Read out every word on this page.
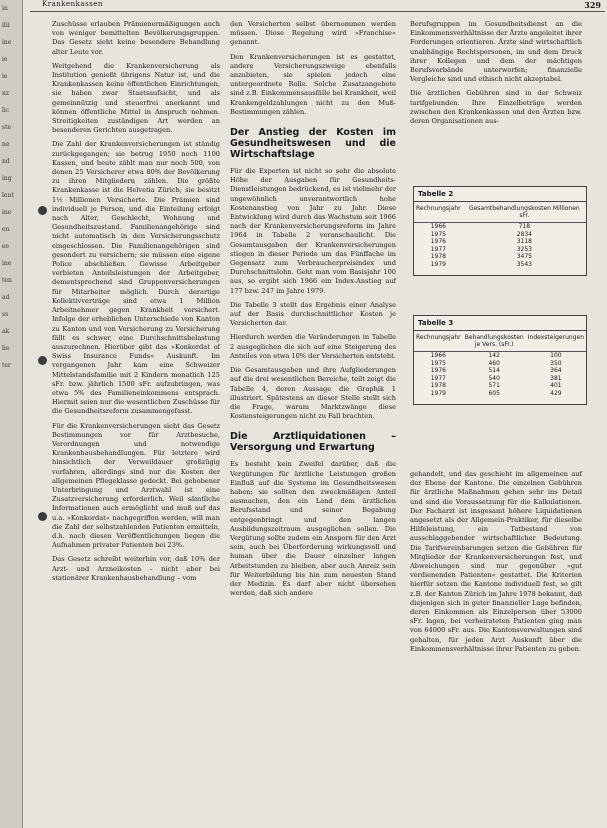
in
ilii
ine
ie
ie
nz
lic
ste
ne
nd
ing
lent
ine
en
ee
ine
ten
ad
ss
ak
lie
ter
Krankenkassen	329

Zuschüsse erlauben Prämienermäßigungen auch von weniger bemittelten Bevölkerungsgruppen. Das Gesetz sieht keine besondere Behandlung alter Leute vor.

Weitgehend die Krankenversicherung als Institution genießt übrigens Natur ist, und die Krankenkassen keine öffentlichen Einrichtungen, sie haben zwar Staatsaufsicht, und als gemeinnützig und steuerfrei anerkannt und können öffentliche Mittel in Anspruch nehmen. Streitigkeiten zuständigen Art werden an besonderen Gerichten ausgetragen.

Die Zahl der Krankenversicherungen ist ständig zurückgegangen; sie betrug 1950 noch 1100 Kassen, und heute zählt man nur noch 500, von denen 25 Versicherer etwa 80% der Bevölkerung zu ihren Mitgliedern zählen. Die größte Krankenkasse ist die Helvetia Zürich; sie besitzt 1½ Millionen Versicherte. Die Prämien sind individuell je Person, und die Einteilung erfolgt nach Alter, Geschlecht, Wohnung und Gesundheitszustand. Familienangehörige sind nicht automatisch in den Versicherungsschutz eingeschlossen. Die Familienangehörigen sind gesondert zu versichern; sie müssen eine eigene Police abschließen. Gewisse Arbeitgeber verbieten Anteilsleistungen der Arbeitgeber, dementsprechend sind Gruppenversicherungen für Mitarbeiter möglich. Durch derartige Kollektivverträge sind etwa 1 Million Arbeitnehmer gegen Krankheit versichert. Infolge der erheblichen Unterschiede von Kanton zu Kanton und von Versicherung zu Versicherung fällt es schwer, eine Durchschnittsbelastung auszurechnen. Hierüber gibt das »Konkordat of Swiss Insurance Funds« Auskunft. Im vergangenen Jahr kam eine Schweizer Mittelstandsfamilie mit 2 Kindern monatlich 125 sFr. bzw. jährlich 1500 sFr. aufzubringen, was etwa 5% des Familieneinkommens entsprach. Hiermit seien nur die wesentlichen Zuschüsse für die Gesundheitsreform zusammengefasst.

Für die Krankenversicherungen sieht das Gesetz Bestimmungen vor für Arztbesuche, Verordnungen und notwendige Krankenhausbehandlungen. Für letztere wird hinsichtlich der Verweildauer großzügig verfahren, allerdings sind nur die Kosten der allgemeinen Pflegeklasse gedeckt. Bei gehobener Unterbringung und Arztwahl ist eine Zusatzversicherung erforderlich. Weil sämtliche Informationen auch ermöglicht und muß auf das u.a. »Konkordat« nachgegriffen werden, will man die Zahl der selbstzahlenden Patienten ermitteln, d.h. nach diesen Veröffentlichungen liegen die Aufnahmen privater Patienten bei 23%.

Das Gesetz schreibt weiterhin vor, daß 10% der Arzt- und Arzneikosten – nicht aber bei stationärer Krankenhausbehandlung – vom

den Versicherten selbst übernommen werden müssen. Diese Regelung wird »Franchise« genannt.

Den Krankenversicherungen ist es gestattet, andere Versicherungszweige ebenfalls anzubieten, sie spielen jedoch eine untergeordnete Rolle. Solche Zusatzangebote sind z.B. Einkommensausfälle bei Krankheit, weil Krankengeldzahlungen nicht zu den Muß-Bestimmungen zählen.

Der Anstieg der Kosten im Gesundheitswesen und die Wirtschaftslage

Für die Experten ist nicht so sehr die absolute Höhe der Ausgaben für Gesundheits-Dienstleistungen bedrückend, es ist vielmehr der ungewöhnlich unverantwortlich hohe Kostenanstieg von Jahr zu Jahr. Diese Entwicklung wird durch das Wachstum seit 1966 nach der Krankenversicherungsreform im Jahre 1964 in Tabelle 2 veranschaulicht. Die Gesamtausgaben der Krankenversicherungen stiegen in dieser Periode um das Fünffache im Gegensatz zum Verbraucherpreisindex und Durchschnittslohn. Geht man vom Basisjahr 100 aus, so ergibt sich 1966 ein Index-Anstieg auf 177 bzw. 247 im Jahre 1979.

Die Tabelle 3 stellt das Ergebnis einer Analyse auf der Basis durchschnittlicher Kosten je Versicherten dar.

Hierdurch werden die Veränderungen in Tabelle 2 ausgeglichen die sich auf eine Steigerung des Anteiles von etwa 10% der Versicherten entsteht.

Die Gesamtausgaben und ihre Aufgliederungen auf die drei wesentlichen Bereiche, teilt zeigt die Tabelle 4, deren Aussage die Graphik 1 illustriert. Spätestens an dieser Stelle stellt sich die Frage, warum Marktzwänge diese Kostensteigerungen nicht zu Fall brachten.

Die Arztliquidationen – Versorgung und Erwartung

Es besteht kein Zweifel darüber, daß die Vergütungen für ärztliche Leistungen großen Einfluß auf die Systeme im Gesundheitswesen haben; sie sollten den zweckmäßigen Anteil ausmachen, den ein Land dem ärztlichen Berufsstand und seiner Begabung entgegenbringt und den langen Ausbildungszeitraum ausgeglichen sollen. Die Vergütung sollte zudem ein Ansporn für den Arzt sein, auch bei Überforderung wirkungsvoll und human über die Dauer einzelner langen Arbeitstunden zu bleiben, aber auch Anreiz sein für Weiterbildung bis hin zum neuesten Stand der Medizin. Es darf aber nicht übersehen werden, daß sich andere

Berufsgruppen im Gesundheitsdienst an die Einkommensverhältnisse der Ärzte angeleitet ihrer Forderungen orientieren. Ärzte sind wirtschaftlich unabhängige Rechtspersonen, im und dem Druck ihrer Kollegen und dem der mächtigen Berufsverbände unterworfen; finanzielle Vergleiche sind und ethisch nicht akzeptabel.

Die ärztlichen Gebühren sind in der Schweiz tarifgebunden. Ihre Einzelbeträge werden zwischen den Krankenkassen und den Ärzten bzw. deren Organisationen aus-

Tabelle 2
Rechnungsjahr	Gesamtbehandlungskosten Millionen sFr.
1966	718
1975	2834
1976	3118
1977	3253
1978	3475
1979	3543
Tabelle 3
Rechnungsjahr	Behandlungskosten je Vers. (sFr.)	Indexsteigerungen
1966	142	100
1975	460	350
1976	514	364
1977	540	381
1978	571	401
1979	605	429

gehandelt, und das geschieht im allgemeinen auf der Ebene der Kantone. Die einzelnen Gebühren für ärztliche Maßnahmen gehen sehr ins Detail und sind die Voraussetzung für die Kalkulationen. Der Facharzt ist insgesamt höhere Liquidationen angesetzt als der Allgemein-Praktiker, für dieselbe Hilfeleistung, ein Tatbestand von ausschlaggebender wirtschaftlicher Bedeutung. Die Tarifvereinbarungen setzen die Gebühren für Mitglieder der Krankenversicherungen fest, und Abweichungen sind nur gegenüber »gut verdienenden Patienten« gestattet. Die Kriterien hierfür setzen die Kantone individuell fest, so gilt z.B. der Kanton Zürich im Jahre 1978 bekannt, daß diejenigen sich in guter finanzieller Lage befinden, deren Einkommen als Einzelperson über 53000 sFr. lagen, bei verheirateten Patienten ging man von 64000 sFr. aus. Die Kantonsverwaltungen sind gehalten, für jeden Arzt Auskunft über die Einkommensverhältnisse ihrer Patienten zu geben.
